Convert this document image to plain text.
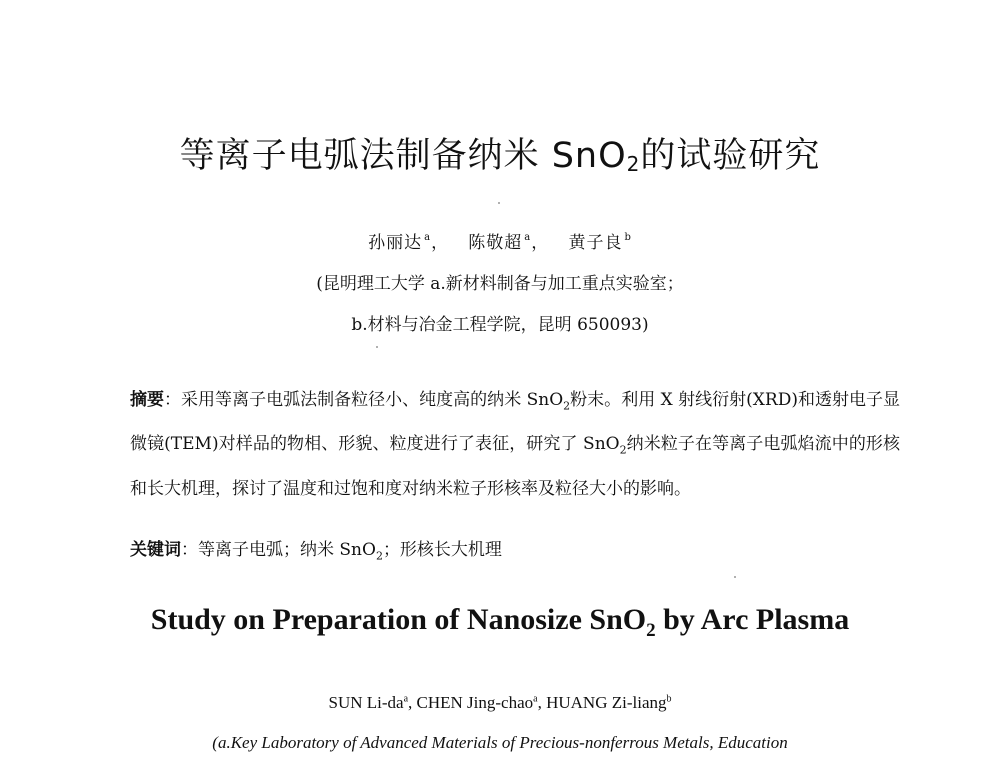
等离子电弧法制备纳米 SnO$_2$的试验研究
孙丽达 $^a$， 陈敬超 $^a$， 黄子良 $^b$
(昆明理工大学 a.新材料制备与加工重点实验室；
b.材料与冶金工程学院，昆明 650093)
摘要：采用等离子电弧法制备粒径小、纯度高的纳米 SnO$_2$粉末。利用 X 射线衍射(XRD)和透射电子显微镜(TEM)对样品的物相、形貌、粒度进行了表征，研究了 SnO$_2$纳米粒子在等离子电弧焰流中的形核和长大机理，探讨了温度和过饱和度对纳米粒子形核率及粒径大小的影响。
关键词：等离子电弧；纳米 SnO$_2$；形核长大机理
Study on Preparation of Nanosize SnO$_2$ by Arc Plasma
SUN $Li-da^a$, CHEN Jing-chao$^a$, HUANG Zi-liang$^b$
(a.Key Laboratory of Advanced Materials of Precious-nonferrous Metals, Education
